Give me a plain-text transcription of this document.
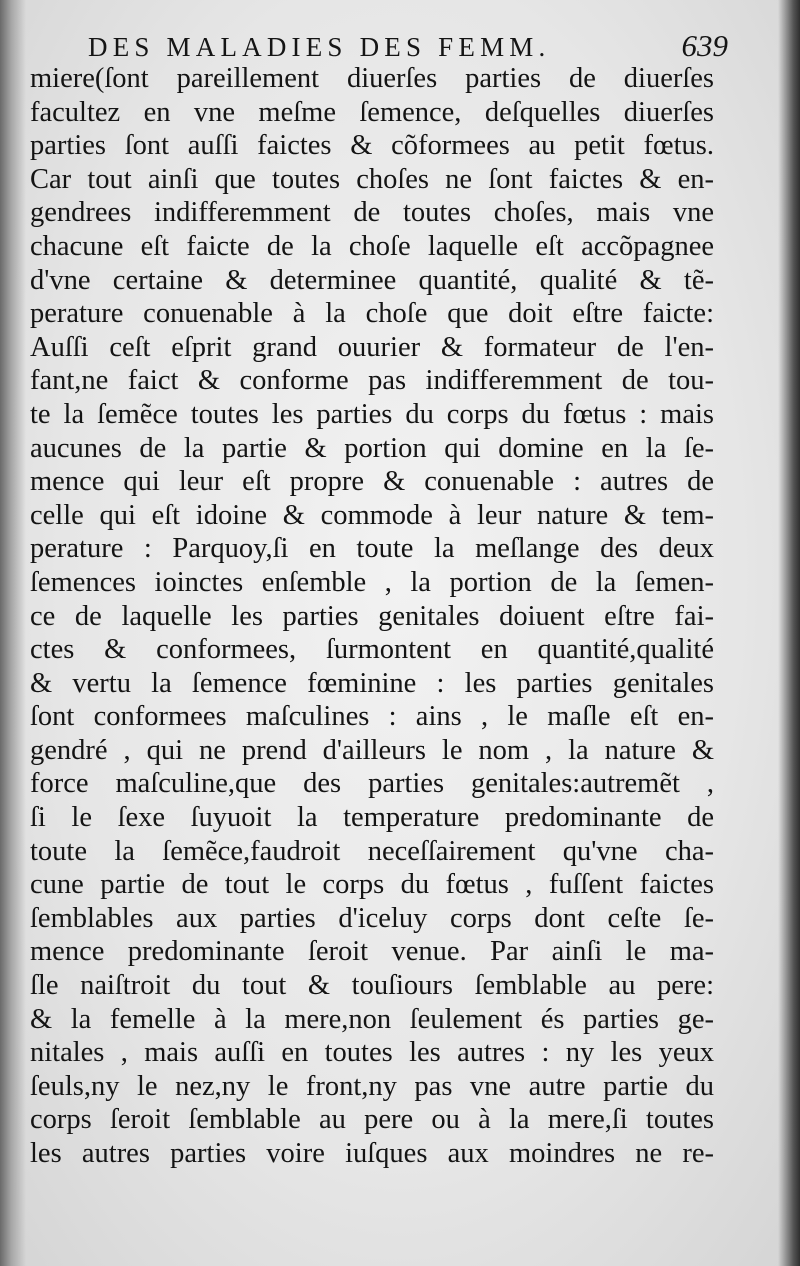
DES MALADIES DES FEMM.	639
miere(ſont pareillement diuerſes parties de diuerſes
facultez en vne meſme ſemence, deſquelles diuerſes
parties ſont auſſi faictes & cõformees au petit fœtus.
Car tout ainſi que toutes choſes ne ſont faictes & en-
gendrees indifferemment de toutes choſes, mais vne
chacune eſt faicte de la choſe laquelle eſt accõpagnee
d'vne certaine & determinee quantité, qualité & tẽ-
perature conuenable à la choſe que doit eſtre faicte:
Auſſi ceſt eſprit grand ouurier & formateur de l'en-
fant,ne faict & conforme pas indifferemment de tou-
te la ſemẽce toutes les parties du corps du fœtus : mais
aucunes de la partie & portion qui domine en la ſe-
mence qui leur eſt propre & conuenable : autres de
celle qui eſt idoine & commode à leur nature & tem-
perature : Parquoy,ſi en toute la meſlange des deux
ſemences ioinctes enſemble , la portion de la ſemen-
ce de laquelle les parties genitales doiuent eſtre fai-
ctes & conformees, ſurmontent en quantité,qualité
& vertu la ſemence fœminine : les parties genitales
ſont conformees maſculines : ains , le maſle eſt en-
gendré , qui ne prend d'ailleurs le nom , la nature &
force maſculine,que des parties genitales:autremẽt ,
ſi le ſexe ſuyuoit la temperature predominante de
toute la ſemẽce,faudroit neceſſairement qu'vne cha-
cune partie de tout le corps du fœtus , fuſſent faictes
ſemblables aux parties d'iceluy corps dont ceſte ſe-
mence predominante ſeroit venue. Par ainſi le ma-
ſle naiſtroit du tout & touſiours ſemblable au pere:
& la femelle à la mere,non ſeulement és parties ge-
nitales , mais auſſi en toutes les autres : ny les yeux
ſeuls,ny le nez,ny le front,ny pas vne autre partie du
corps ſeroit ſemblable au pere ou à la mere,ſi toutes
les autres parties voire iuſques aux moindres ne re-
